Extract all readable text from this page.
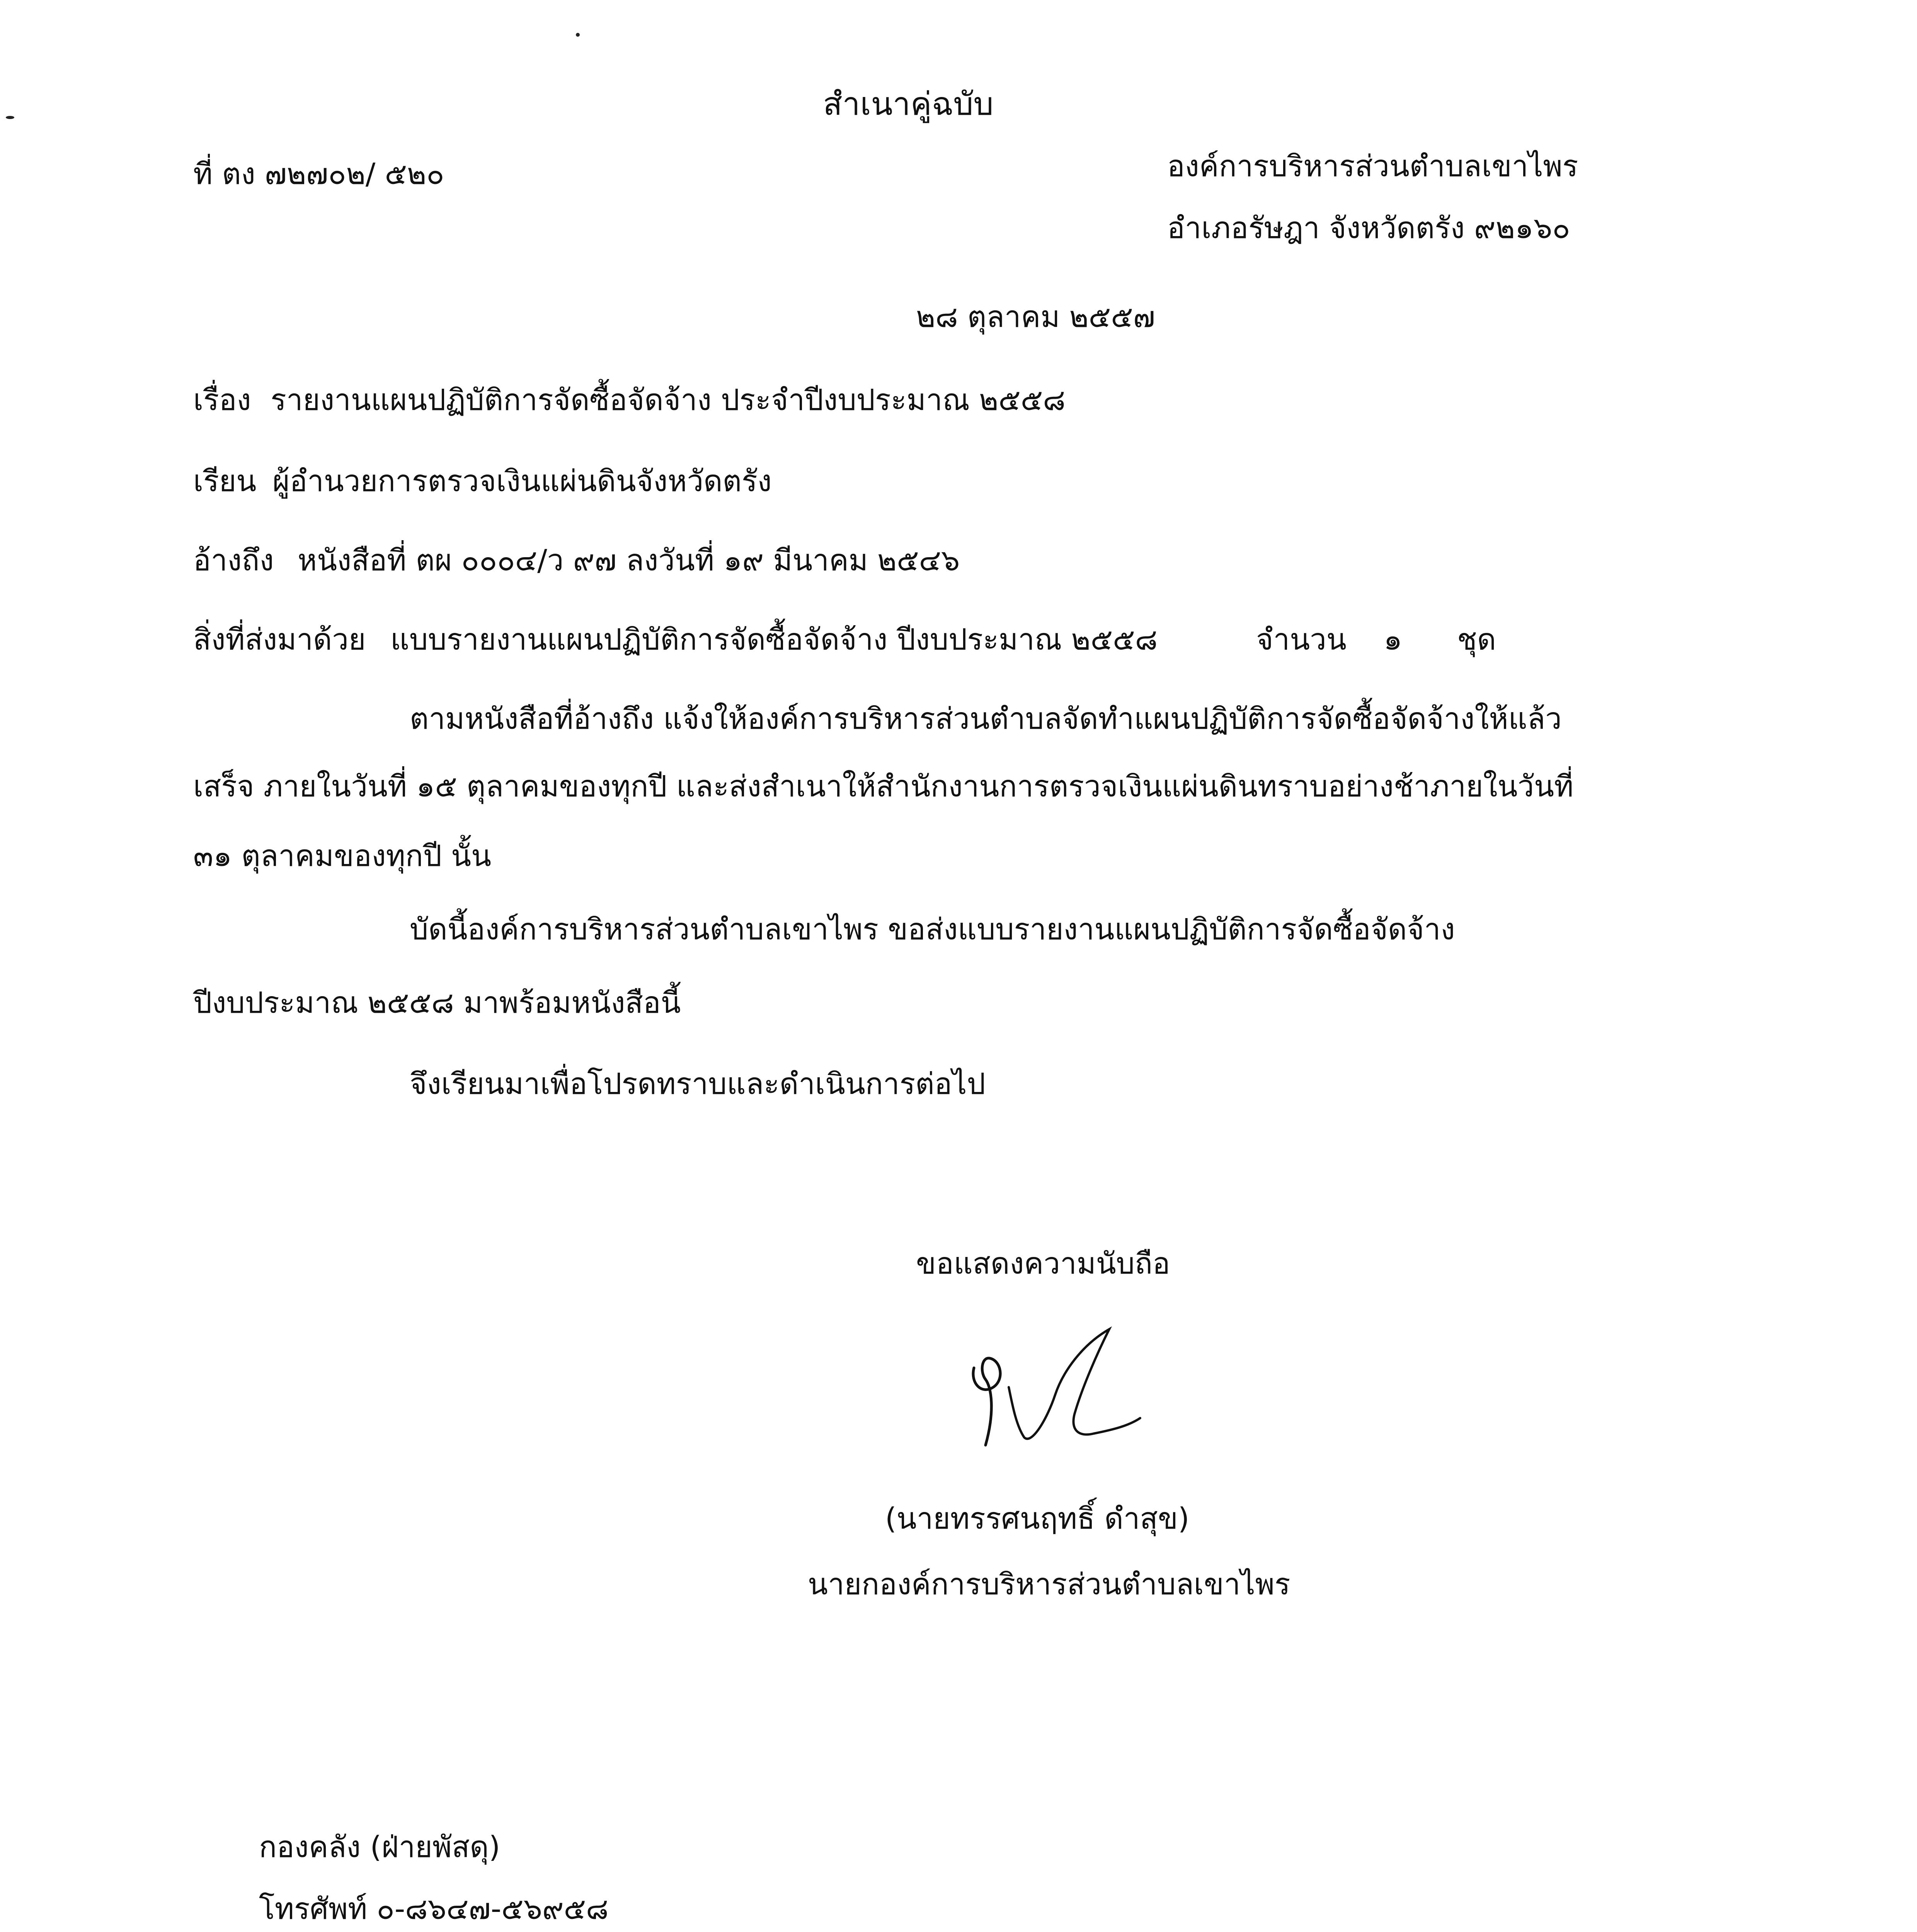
สำเนาคู่ฉบับ
ที่ ตง ๗๒๗๐๒/ ๕๒๐	องค์การบริหารส่วนตำบลเขาไพร
อำเภอรัษฎา จังหวัดตรัง ๙๒๑๖๐
๒๘ ตุลาคม ๒๕๕๗
เรื่อง รายงานแผนปฏิบัติการจัดซื้อจัดจ้าง ประจำปีงบประมาณ ๒๕๕๘
เรียน ผู้อำนวยการตรวจเงินแผ่นดินจังหวัดตรัง
อ้างถึง หนังสือที่ ตผ ๐๐๐๔/ว ๙๗ ลงวันที่ ๑๙ มีนาคม ๒๕๔๖
สิ่งที่ส่งมาด้วย แบบรายงานแผนปฏิบัติการจัดซื้อจัดจ้าง ปีงบประมาณ ๒๕๕๘	จำนวน ๑ ชุด
ตามหนังสือที่อ้างถึง แจ้งให้องค์การบริหารส่วนตำบลจัดทำแผนปฏิบัติการจัดซื้อจัดจ้างให้แล้ว
เสร็จ ภายในวันที่ ๑๕ ตุลาคมของทุกปี และส่งสำเนาให้สำนักงานการตรวจเงินแผ่นดินทราบอย่างช้าภายในวันที่
๓๑ ตุลาคมของทุกปี นั้น
บัดนี้องค์การบริหารส่วนตำบลเขาไพร ขอส่งแบบรายงานแผนปฏิบัติการจัดซื้อจัดจ้าง
ปีงบประมาณ ๒๕๕๘ มาพร้อมหนังสือนี้
จึงเรียนมาเพื่อโปรดทราบและดำเนินการต่อไป
ขอแสดงความนับถือ
(นายทรรศนฤทธิ์ ดำสุข)
นายกองค์การบริหารส่วนตำบลเขาไพร
กองคลัง (ฝ่ายพัสดุ)
โทรศัพท์ ๐-๘๖๔๗-๕๖๙๕๘
